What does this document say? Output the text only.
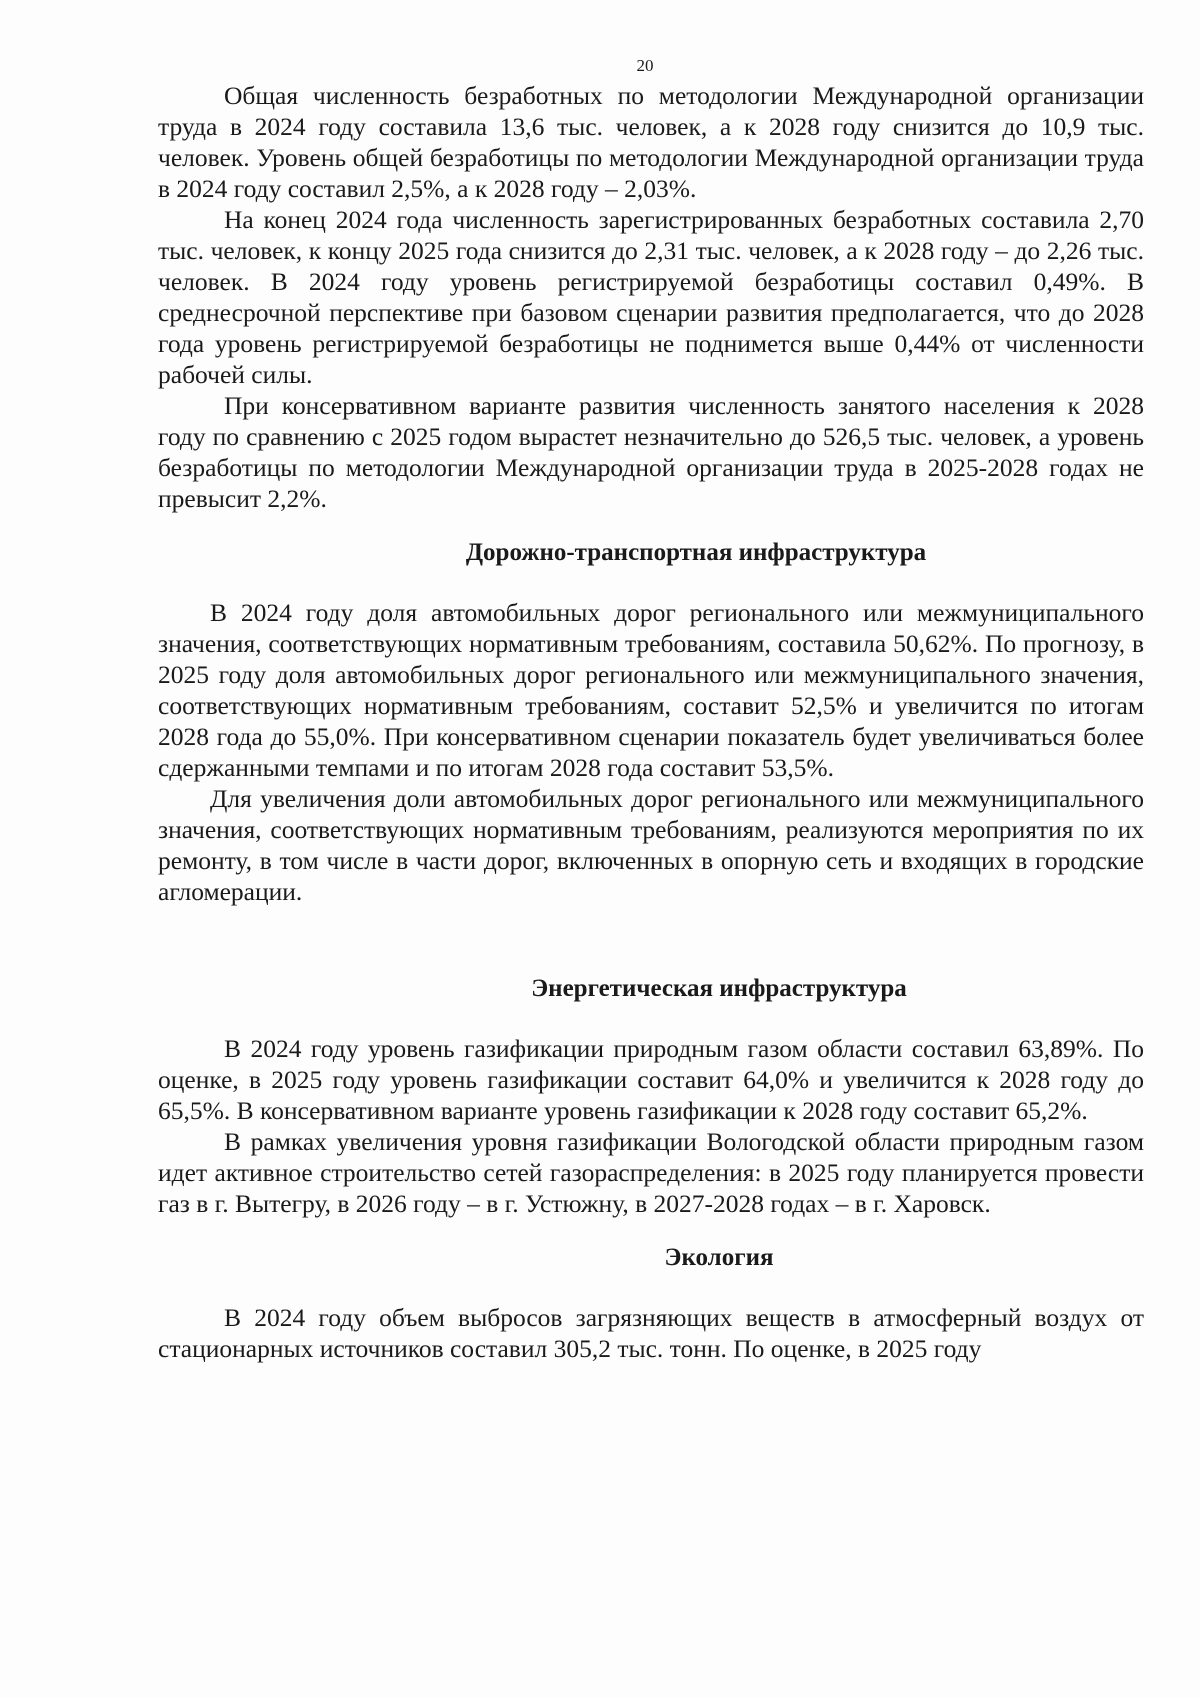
20

Общая численность безработных по методологии Международной организации труда в 2024 году составила 13,6 тыс. человек, а к 2028 году снизится до 10,9 тыс. человек. Уровень общей безработицы по методологии Международной организации труда в 2024 году составил 2,5%, а к 2028 году – 2,03%.

На конец 2024 года численность зарегистрированных безработных составила 2,70 тыс. человек, к концу 2025 года снизится до 2,31 тыс. человек, а к 2028 году – до 2,26 тыс. человек. В 2024 году уровень регистрируемой безработицы составил 0,49%. В среднесрочной перспективе при базовом сценарии развития предполагается, что до 2028 года уровень регистрируемой безработицы не поднимется выше 0,44% от численности рабочей силы.

При консервативном варианте развития численность занятого населения к 2028 году по сравнению с 2025 годом вырастет незначительно до 526,5 тыс. человек, а уровень безработицы по методологии Международной организации труда в 2025-2028 годах не превысит 2,2%.

Дорожно-транспортная инфраструктура

В 2024 году доля автомобильных дорог регионального или межмуниципального значения, соответствующих нормативным требованиям, составила 50,62%. По прогнозу, в 2025 году доля автомобильных дорог регионального или межмуниципального значения, соответствующих нормативным требованиям, составит 52,5% и увеличится по итогам 2028 года до 55,0%. При консервативном сценарии показатель будет увеличиваться более сдержанными темпами и по итогам 2028 года составит 53,5%.

Для увеличения доли автомобильных дорог регионального или межмуниципального значения, соответствующих нормативным требованиям, реализуются мероприятия по их ремонту, в том числе в части дорог, включенных в опорную сеть и входящих в городские агломерации.

Энергетическая инфраструктура

В 2024 году уровень газификации природным газом области составил 63,89%. По оценке, в 2025 году уровень газификации составит 64,0% и увеличится к 2028 году до 65,5%. В консервативном варианте уровень газификации к 2028 году составит 65,2%.

В рамках увеличения уровня газификации Вологодской области природным газом идет активное строительство сетей газораспределения: в 2025 году планируется провести газ в г. Вытегру, в 2026 году – в г. Устюжну, в 2027-2028 годах – в г. Харовск.

Экология

В 2024 году объем выбросов загрязняющих веществ в атмосферный воздух от стационарных источников составил 305,2 тыс. тонн. По оценке, в 2025 году
